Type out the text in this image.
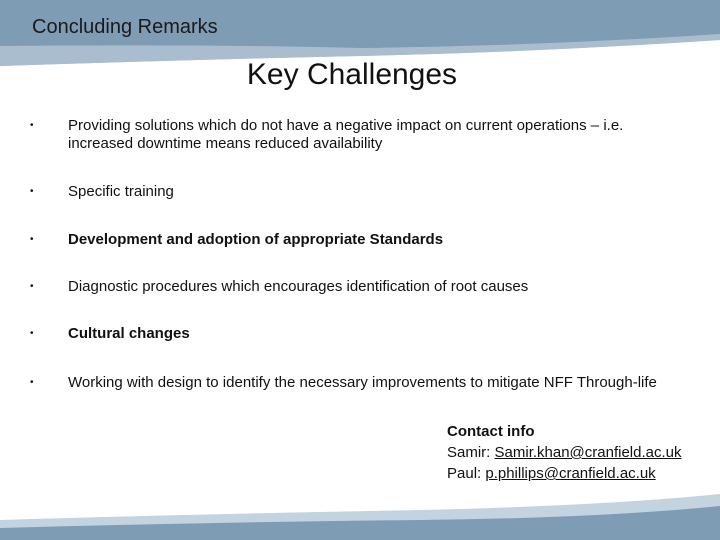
Concluding Remarks
Key Challenges
•	Providing solutions which do not have a negative impact on current operations – i.e. increased downtime means reduced availability
•	Specific training
•	Development and adoption of appropriate Standards
•	Diagnostic procedures which encourages identification of root causes
•	Cultural changes
•	Working with design to identify the necessary improvements to mitigate NFF Through-life
Contact info
Samir: Samir.khan@cranfield.ac.uk
Paul: p.phillips@cranfield.ac.uk
